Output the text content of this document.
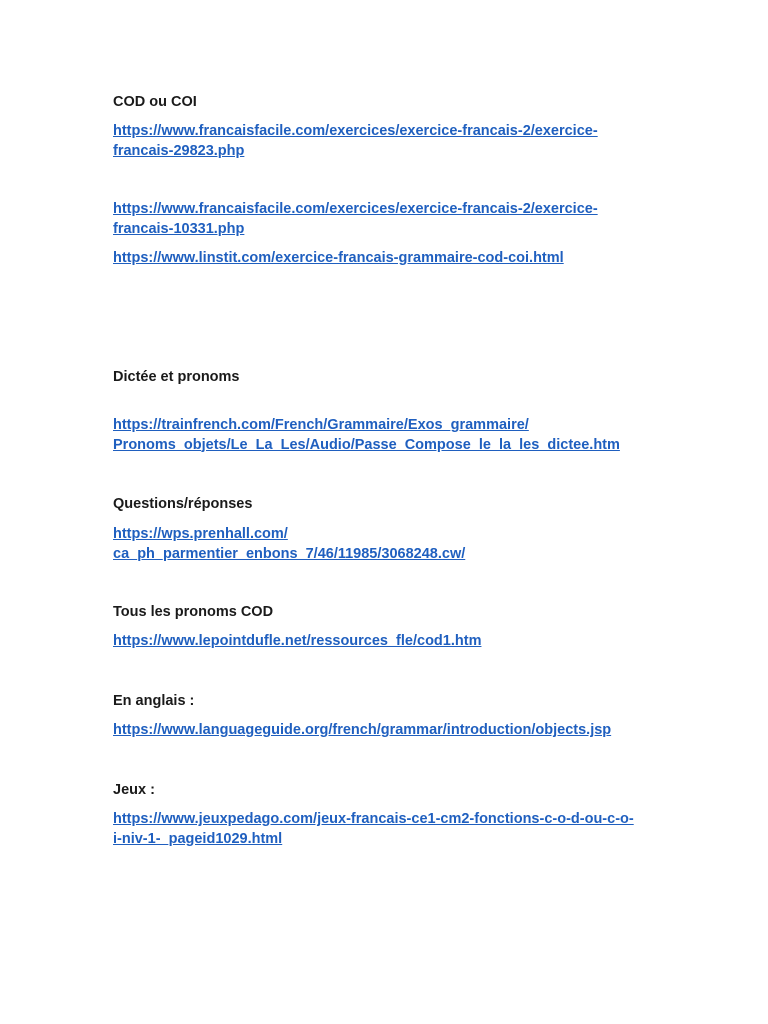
COD ou COI
https://www.francaisfacile.com/exercices/exercice-francais-2/exercice-
francais-29823.php
https://www.francaisfacile.com/exercices/exercice-francais-2/exercice-
francais-10331.php
https://www.linstit.com/exercice-francais-grammaire-cod-coi.html
Dictée et pronoms
https://trainfrench.com/French/Grammaire/Exos_grammaire/
Pronoms_objets/Le_La_Les/Audio/Passe_Compose_le_la_les_dictee.htm
Questions/réponses
https://wps.prenhall.com/
ca_ph_parmentier_enbons_7/46/11985/3068248.cw/
Tous les pronoms COD
https://www.lepointdufle.net/ressources_fle/cod1.htm
En anglais :
https://www.languageguide.org/french/grammar/introduction/objects.jsp
Jeux :
https://www.jeuxpedago.com/jeux-francais-ce1-cm2-fonctions-c-o-d-ou-c-o-
i-niv-1-_pageid1029.html
